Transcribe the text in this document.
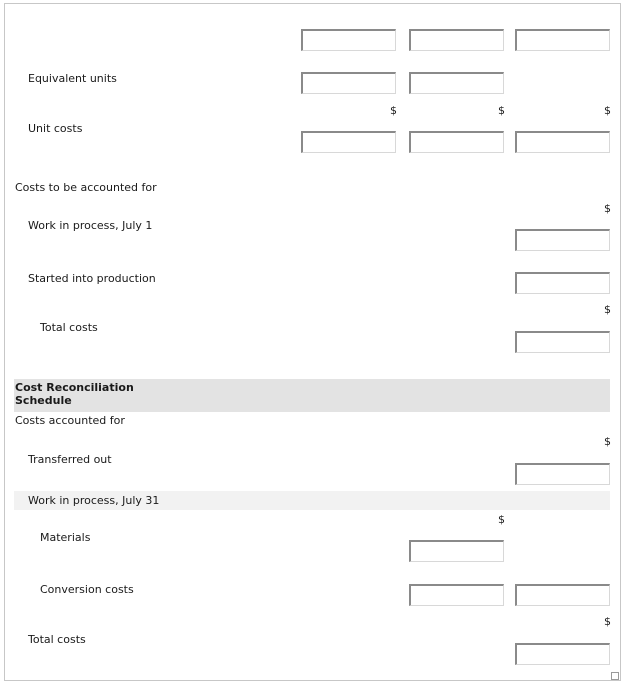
Equivalent units
$	$	$
Unit costs
Costs to be accounted for
$
Work in process, July 1
Started into production
$
Total costs
Cost Reconciliation Schedule
Costs accounted for
$
Transferred out
Work in process, July 31
$
Materials
Conversion costs
$
Total costs
